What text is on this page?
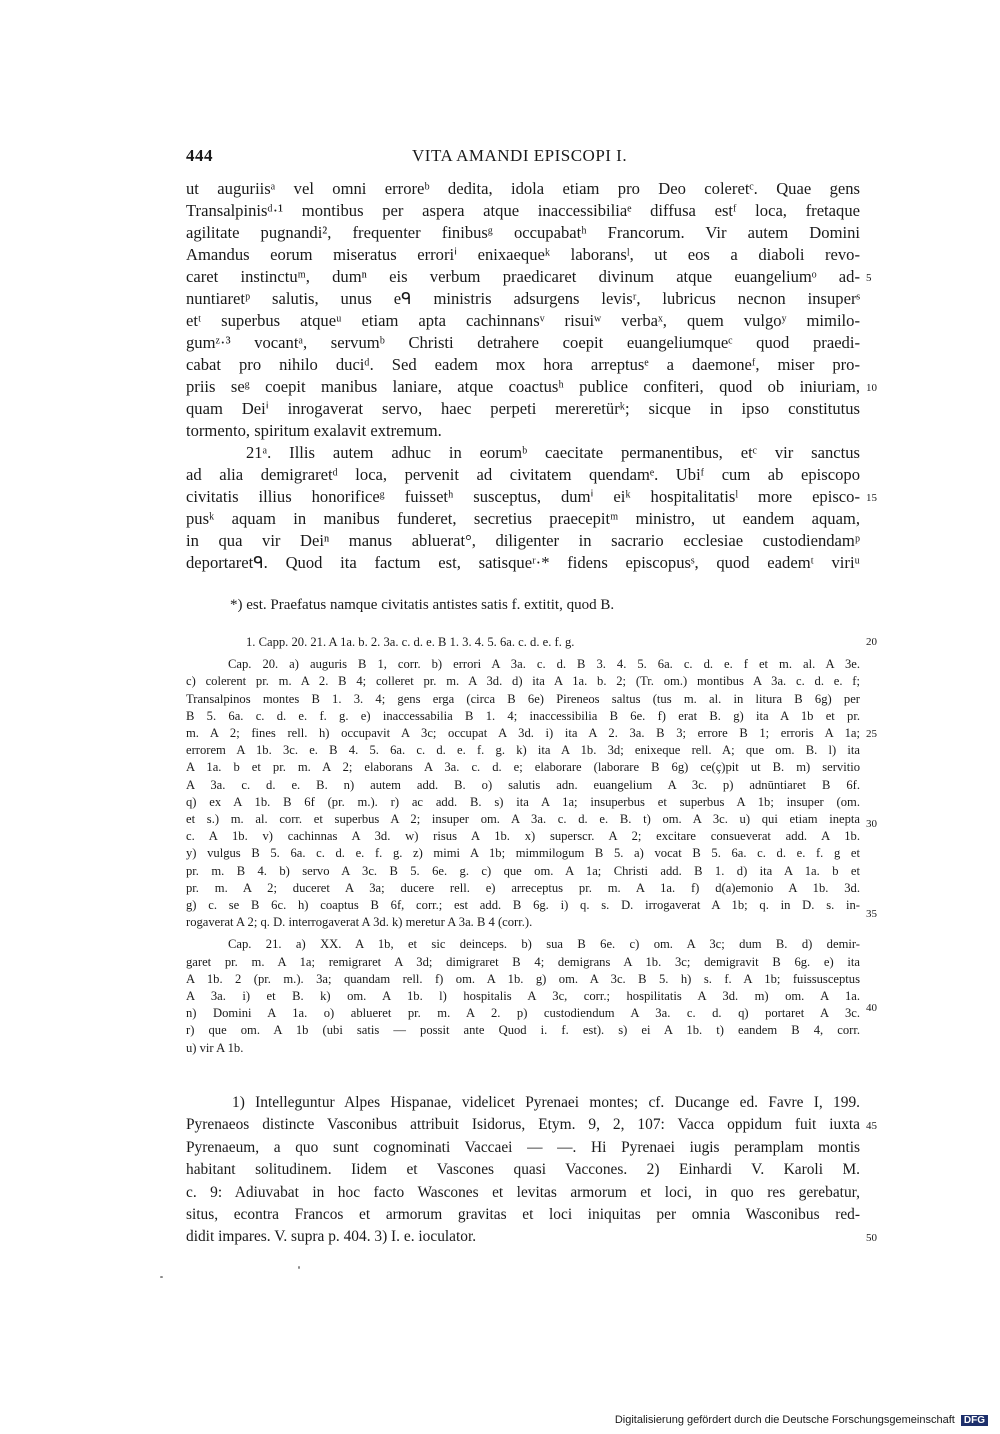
444	VITA AMANDI EPISCOPI I.
ut auguriisᵃ vel omni erroreᵇ dedita, idola etiam pro Deo coleretᶜ. Quae gens
Transalpinisᵈ·¹ montibus per aspera atque inaccessibiliaᵉ diffusa estᶠ loca, fretaque
agilitate pugnandi², frequenter finibusᵍ occupabatʰ Francorum. Vir autem Domini
Amandus eorum miseratus erroriⁱ enixaequeᵏ laboransˡ, ut eos a diaboli revo-
caret instinctuᵐ, dumⁿ eis verbum praedicaret divinum atque euangeliumᵒ ad-
nuntiaretᵖ salutis, unus eᑫ ministris adsurgens levisʳ, lubricus necnon insuperˢ
etᵗ superbus atqueᵘ etiam apta cachinnansᵛ risuiʷ verbaˣ, quem vulgoʸ mimilo-
gumᶻ·³ vocantᵃ, servumᵇ Christi detrahere coepit euangeliumqueᶜ quod praedi-
cabat pro nihilo duciᵈ. Sed eadem mox hora arreptusᵉ a daemoneᶠ, miser pro-
priis seᵍ coepit manibus laniare, atque coactusʰ publice confiteri, quod ob iniuriam,
quam Deiⁱ inrogaverat servo, haec perpeti mereretürᵏ; sicque in ipso constitutus
tormento, spiritum exalavit extremum.
21ᵃ. Illis autem adhuc in eorumᵇ caecitate permanentibus, etᶜ vir sanctus
ad alia demigraretᵈ loca, pervenit ad civitatem quendamᵉ. Ubiᶠ cum ab episcopo
civitatis illius honorificeᵍ fuissetʰ susceptus, dumⁱ eiᵏ hospitalitatisˡ more episco-
pusᵏ aquam in manibus funderet, secretius praecepitᵐ ministro, ut eandem aquam,
in qua vir Deiⁿ manus abluerat°, diligenter in sacrario ecclesiae custodiendamᵖ
deportaretᑫ. Quod ita factum est, satisqueʳ·* fidens episcopusˢ, quod eademᵗ viriᵘ
5
10
15
*) est. Praefatus namque civitatis antistes satis f. extitit, quod B.
1. Capp. 20. 21. A 1a. b. 2. 3a. c. d. e. B 1. 3. 4. 5. 6a. c. d. e. f. g.
Cap. 20. a) auguris B 1, corr. b) errori A 3a. c. d. B 3. 4. 5. 6a. c. d. e. f et m. al. A 3e.
c) colerent pr. m. A 2. B 4; colleret pr. m. A 3d. d) ita A 1a. b. 2; (Tr. om.) montibus A 3a. c. d. e. f;
Transalpinos montes B 1. 3. 4; gens erga (circa B 6e) Pireneos saltus (tus m. al. in litura B 6g) per
B 5. 6a. c. d. e. f. g. e) inaccessabilia B 1. 4; inaccessibilia B 6e. f) erat B. g) ita A 1b et pr.
m. A 2; fines rell. h) occupavit A 3c; occupat A 3d. i) ita A 2. 3a. B 3; errore B 1; erroris A 1a;
errorem A 1b. 3c. e. B 4. 5. 6a. c. d. e. f. g. k) ita A 1b. 3d; enixeque rell. A; que om. B. l) ita
A 1a. b et pr. m. A 2; elaborans A 3a. c. d. e; elaborare (laborare B 6g) ce(ç)pit ut B. m) servitio
A 3a. c. d. e. B. n) autem add. B. o) salutis adn. euangelium A 3c. p) adnūntiaret B 6f.
q) ex A 1b. B 6f (pr. m.). r) ac add. B. s) ita A 1a; insuperbus et superbus A 1b; insuper (om.
et s.) m. al. corr. et superbus A 2; insuper om. A 3a. c. d. e. B. t) om. A 3c. u) qui etiam inepta
c. A 1b. v) cachinnas A 3d. w) risus A 1b. x) superscr. A 2; excitare consueverat add. A 1b.
y) vulgus B 5. 6a. c. d. e. f. g. z) mimi A 1b; mimmilogum B 5. a) vocat B 5. 6a. c. d. e. f. g et
pr. m. B 4. b) servo A 3c. B 5. 6e. g. c) que om. A 1a; Christi add. B 1. d) ita A 1a. b et
pr. m. A 2; duceret A 3a; ducere rell. e) arreceptus pr. m. A 1a. f) d(a)emonio A 1b. 3d.
g) c. se B 6c. h) coaptus B 6f, corr.; est add. B 6g. i) q. s. D. irrogaverat A 1b; q. in D. s. in-
rogaverat A 2; q. D. interrogaverat A 3d. k) meretur A 3a. B 4 (corr.).
Cap. 21. a) XX. A 1b, et sic deinceps. b) sua B 6e. c) om. A 3c; dum B. d) demir-
garet pr. m. A 1a; remigraret A 3d; dimigraret B 4; demigrans A 1b. 3c; demigravit B 6g. e) ita
A 1b. 2 (pr. m.). 3a; quandam rell. f) om. A 1b. g) om. A 3c. B 5. h) s. f. A 1b; fuissusceptus
A 3a. i) et B. k) om. A 1b. l) hospitalis A 3c, corr.; hospilitatis A 3d. m) om. A 1a.
n) Domini A 1a. o) ablueret pr. m. A 2. p) custodiendum A 3a. c. d. q) portaret A 3c.
r) que om. A 1b (ubi satis — possit ante Quod i. f. est). s) ei A 1b. t) eandem B 4, corr.
u) vir A 1b.
20
25
30
35
40
1) Intelleguntur Alpes Hispanae, videlicet Pyrenaei montes; cf. Ducange ed. Favre I, 199.
Pyrenaeos distincte Vasconibus attribuit Isidorus, Etym. 9, 2, 107: Vacca oppidum fuit iuxta
Pyrenaeum, a quo sunt cognominati Vaccaei — —. Hi Pyrenaei iugis peramplam montis
habitant solitudinem. Iidem et Vascones quasi Vaccones. 2) Einhardi V. Karoli M.
c. 9: Adiuvabat in hoc facto Wascones et levitas armorum et loci, in quo res gerebatur,
situs, econtra Francos et armorum gravitas et loci iniquitas per omnia Wasconibus red-
didit impares. V. supra p. 404. 3) I. e. ioculator.
45
50
Digitalisierung gefördert durch die Deutsche Forschungsgemeinschaft DFG
